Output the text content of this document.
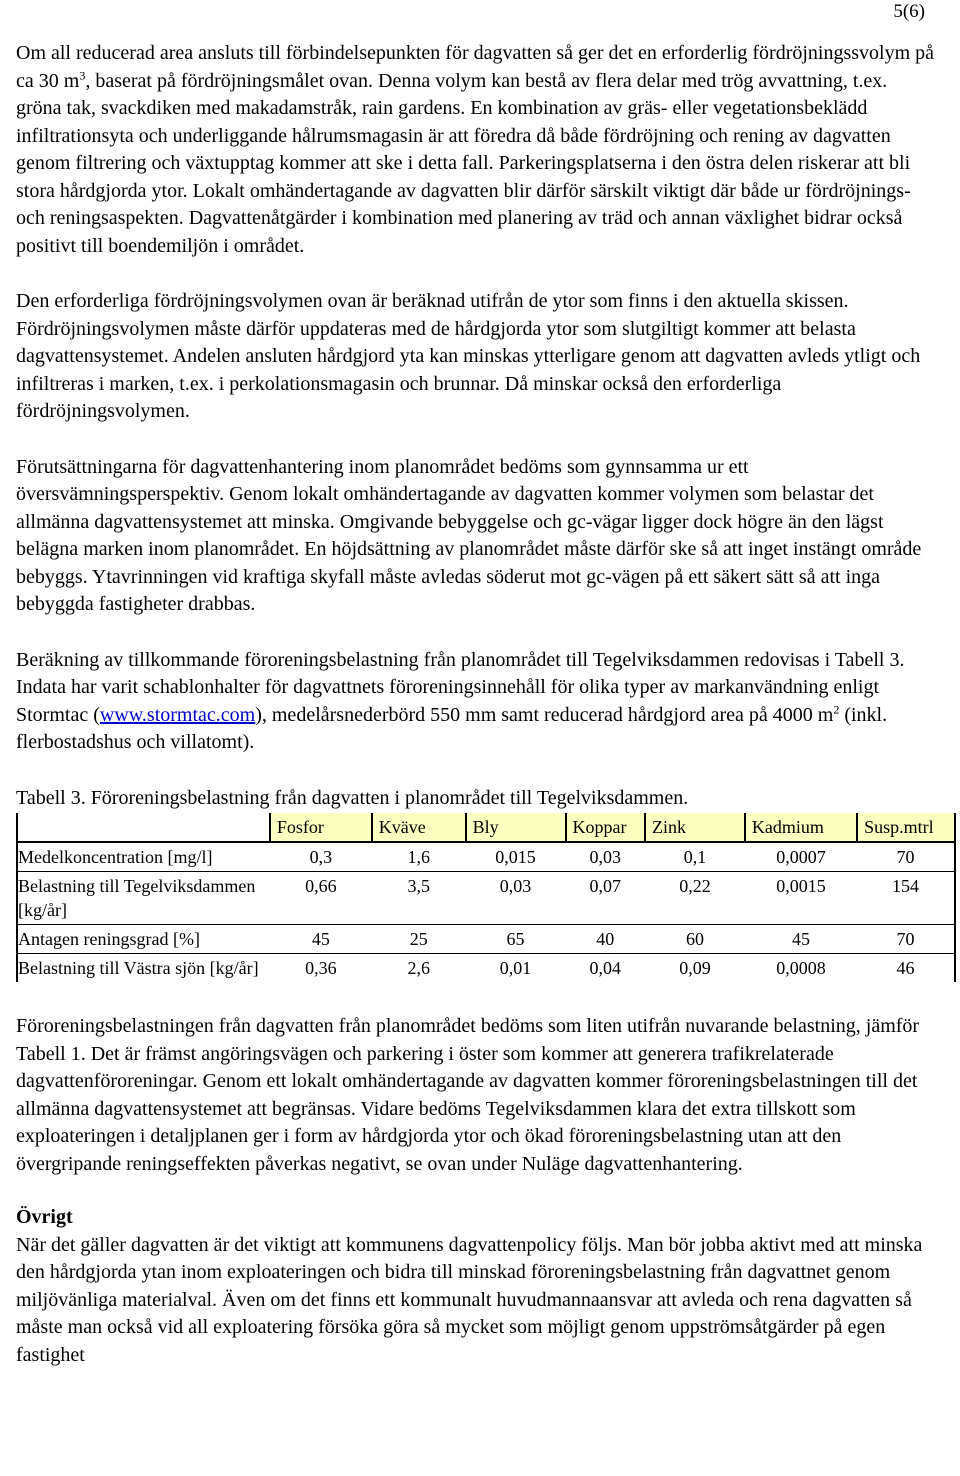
5(6)

Om all reducerad area ansluts till förbindelsepunkten för dagvatten så ger det en erforderlig fördröjningssvolym på ca 30 $m^3$, baserat på fördröjningsmålet ovan. Denna volym kan bestå av flera delar med trög avvattning, t.ex. gröna tak, svackdiken med makadamstråk, rain gardens. En kombination av gräs- eller vegetationsbeklädd infiltrationsyta och underliggande hålrumsmagasin är att föredra då både fördröjning och rening av dagvatten genom filtrering och växtupptag kommer att ske i detta fall. Parkeringsplatserna i den östra delen riskerar att bli stora hårdgjorda ytor. Lokalt omhändertagande av dagvatten blir därför särskilt viktigt där både ur fördröjnings- och reningsaspekten. Dagvattenåtgärder i kombination med planering av träd och annan växlighet bidrar också positivt till boendemiljön i området.

Den erforderliga fördröjningsvolymen ovan är beräknad utifrån de ytor som finns i den aktuella skissen. Fördröjningsvolymen måste därför uppdateras med de hårdgjorda ytor som slutgiltigt kommer att belasta dagvattensystemet. Andelen ansluten hårdgjord yta kan minskas ytterligare genom att dagvatten avleds ytligt och infiltreras i marken, t.ex. i perkolationsmagasin och brunnar. Då minskar också den erforderliga fördröjningsvolymen.

Förutsättningarna för dagvattenhantering inom planområdet bedöms som gynnsamma ur ett översvämningsperspektiv. Genom lokalt omhändertagande av dagvatten kommer volymen som belastar det allmänna dagvattensystemet att minska. Omgivande bebyggelse och gc-vägar ligger dock högre än den lägst belägna marken inom planområdet. En höjdsättning av planområdet måste därför ske så att inget instängt område bebyggs. Ytavrinningen vid kraftiga skyfall måste avledas söderut mot gc-vägen på ett säkert sätt så att inga bebyggda fastigheter drabbas.

Beräkning av tillkommande föroreningsbelastning från planområdet till Tegelviksdammen redovisas i Tabell 3. Indata har varit schablonhalter för dagvattnets föroreningsinnehåll för olika typer av markanvändning enligt Stormtac (www.stormtac.com), medelårsnederbörd 550 mm samt reducerad hårdgjord area på 4000 $m^2$ (inkl. flerbostadshus och villatomt).

Tabell 3. Föroreningsbelastning från dagvatten i planområdet till Tegelviksdammen.
	Fosfor	Kväve	Bly	Koppar	Zink	Kadmium	Susp.mtrl
Medelkoncentration [mg/l]	0,3	1,6	0,015	0,03	0,1	0,0007	70
Belastning till Tegelviksdammen [kg/år]	0,66	3,5	0,03	0,07	0,22	0,0015	154
Antagen reningsgrad [%]	45	25	65	40	60	45	70
Belastning till Västra sjön [kg/år]	0,36	2,6	0,01	0,04	0,09	0,0008	46

Föroreningsbelastningen från dagvatten från planområdet bedöms som liten utifrån nuvarande belastning, jämför Tabell 1. Det är främst angöringsvägen och parkering i öster som kommer att generera trafikrelaterade dagvattenföroreningar. Genom ett lokalt omhändertagande av dagvatten kommer föroreningsbelastningen till det allmänna dagvattensystemet att begränsas. Vidare bedöms Tegelviksdammen klara det extra tillskott som exploateringen i detaljplanen ger i form av hårdgjorda ytor och ökad föroreningsbelastning utan att den övergripande reningseffekten påverkas negativt, se ovan under Nuläge dagvattenhantering.

Övrigt

När det gäller dagvatten är det viktigt att kommunens dagvattenpolicy följs. Man bör jobba aktivt med att minska den hårdgjorda ytan inom exploateringen och bidra till minskad föroreningsbelastning från dagvattnet genom miljövänliga materialval. Även om det finns ett kommunalt huvudmannaansvar att avleda och rena dagvatten så måste man också vid all exploatering försöka göra så mycket som möjligt genom uppströmsåtgärder på egen fastighet
